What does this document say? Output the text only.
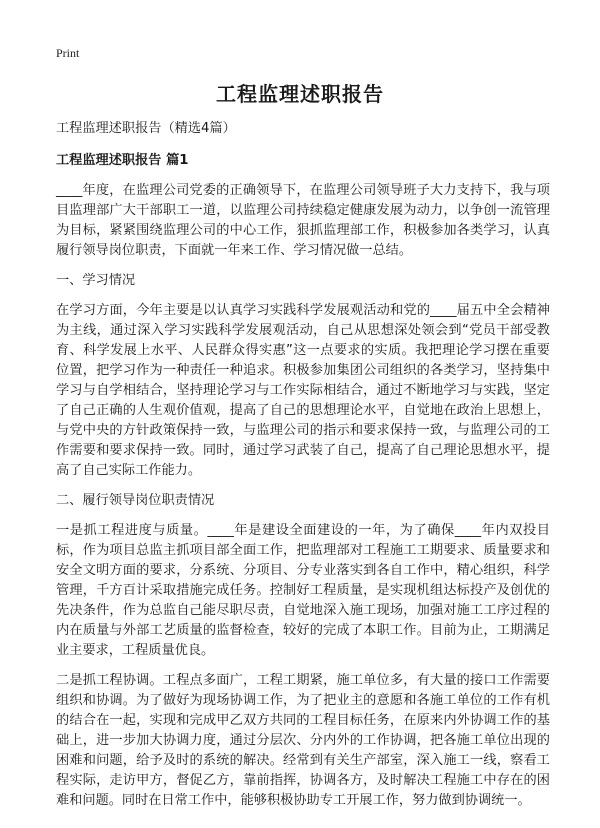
Print
工程监理述职报告

工程监理述职报告（精选4篇）

工程监理述职报告 篇1

____年度，在监理公司党委的正确领导下，在监理公司领导班子大力支持下，我与项目监理部广大干部职工一道，以监理公司持续稳定健康发展为动力，以争创一流管理为目标，紧紧围绕监理公司的中心工作，狠抓监理部工作，积极参加各类学习，认真履行领导岗位职责，下面就一年来工作、学习情况做一总结。

一、学习情况

在学习方面，今年主要是以认真学习实践科学发展观活动和党的____届五中全会精神为主线，通过深入学习实践科学发展观活动，自己从思想深处领会到“党员干部受教育、科学发展上水平、人民群众得实惠”这一点要求的实质。我把理论学习摆在重要位置，把学习作为一种责任一种追求。积极参加集团公司组织的各类学习，坚持集中学习与自学相结合，坚持理论学习与工作实际相结合，通过不断地学习与实践，坚定了自己正确的人生观价值观，提高了自己的思想理论水平，自觉地在政治上思想上，与党中央的方针政策保持一致，与监理公司的指示和要求保持一致，与监理公司的工作需要和要求保持一致。同时，通过学习武装了自己，提高了自己理论思想水平，提高了自己实际工作能力。

二、履行领导岗位职责情况

一是抓工程进度与质量。____年是建设全面建设的一年，为了确保____年内双投目标，作为项目总监主抓项目部全面工作，把监理部对工程施工工期要求、质量要求和安全文明方面的要求，分系统、分项目、分专业落实到各自工作中，精心组织，科学管理，千方百计采取措施完成任务。控制好工程质量，是实现机组达标投产及创优的先决条件，作为总监自己能尽职尽责，自觉地深入施工现场，加强对施工工序过程的内在质量与外部工艺质量的监督检查，较好的完成了本职工作。目前为止，工期满足业主要求，工程质量优良。

二是抓工程协调。工程点多面广，工程工期紧，施工单位多，有大量的接口工作需要组织和协调。为了做好为现场协调工作，为了把业主的意愿和各施工单位的工作有机的结合在一起，实现和完成甲乙双方共同的工程目标任务，在原来内外协调工作的基础上，进一步加大协调力度，通过分层次、分内外的工作协调，把各施工单位出现的困难和问题，给予及时的系统的解决。经常到有关生产部室，深入施工一线，察看工程实际，走访甲方，督促乙方，靠前指挥，协调各方，及时解决工程施工中存在的困难和问题。同时在日常工作中，能够积极协助专工开展工作，努力做到协调统一。
